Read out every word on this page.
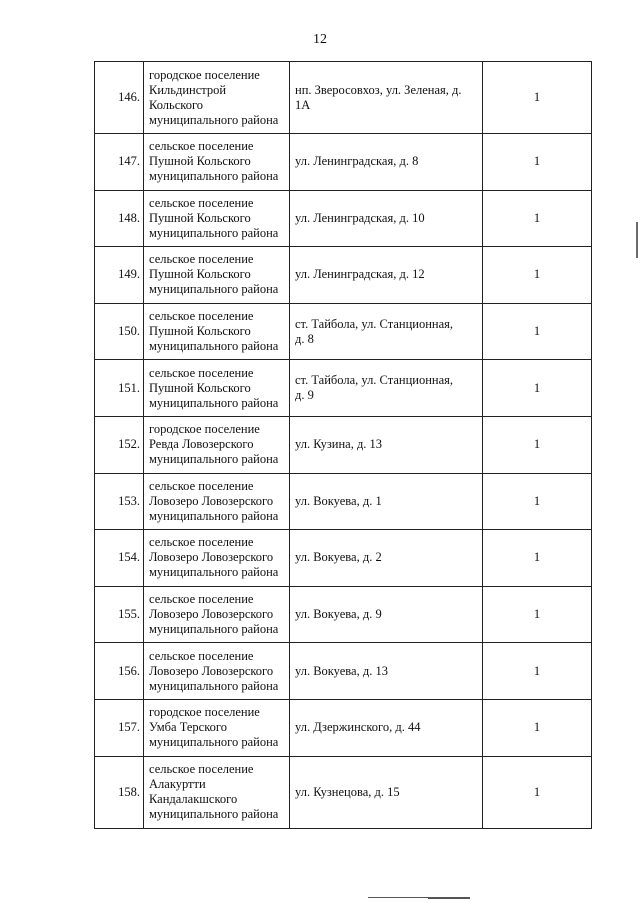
12
146.	городское поселение
Кильдинстрой
Кольского
муниципального района	нп. Зверосовхоз, ул. Зеленая, д.
1А	1

147.	сельское поселение
Пушной Кольского
муниципального района	ул. Ленинградская, д. 8	1

148.	сельское поселение
Пушной Кольского
муниципального района	ул. Ленинградская, д. 10	1

149.	сельское поселение
Пушной Кольского
муниципального района	ул. Ленинградская, д. 12	1

150.	сельское поселение
Пушной Кольского
муниципального района	ст. Тайбола, ул. Станционная,
д. 8	1

151.	сельское поселение
Пушной Кольского
муниципального района	ст. Тайбола, ул. Станционная,
д. 9	1

152.	городское поселение
Ревда Ловозерского
муниципального района	ул. Кузина, д. 13	1

153.	сельское поселение
Ловозеро Ловозерского
муниципального района	ул. Вокуева, д. 1	1

154.	сельское поселение
Ловозеро Ловозерского
муниципального района	ул. Вокуева, д. 2	1

155.	сельское поселение
Ловозеро Ловозерского
муниципального района	ул. Вокуева, д. 9	1

156.	сельское поселение
Ловозеро Ловозерского
муниципального района	ул. Вокуева, д. 13	1

157.	городское поселение
Умба Терского
муниципального района	ул. Дзержинского, д. 44	1

158.	сельское поселение
Алакуртти
Кандалакшского
муниципального района	ул. Кузнецова, д. 15	1
